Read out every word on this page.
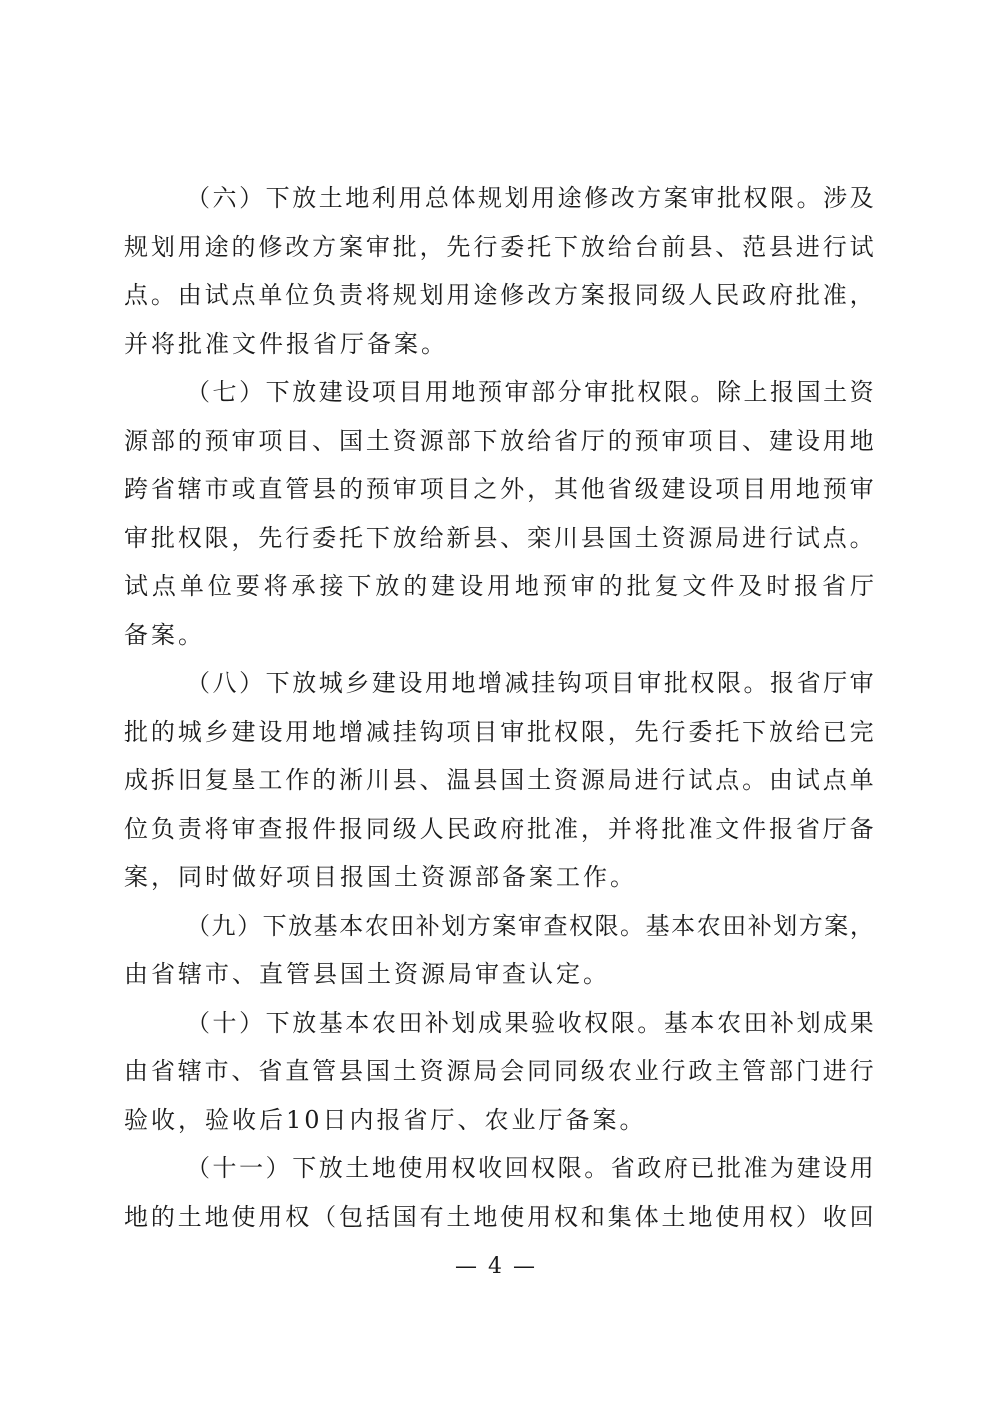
（ 六 ） 下 放 土 地 利 用 总 体 规 划 用 途 修 改 方 案 审 批 权 限 。 涉 及
规 划 用 途 的 修 改 方 案 审 批 ， 先 行 委 托 下 放 给 台 前 县 、 范 县 进 行 试
点 。 由 试 点 单 位 负 责 将 规 划 用 途 修 改 方 案 报 同 级 人 民 政 府 批 准 ，
并将批准文件报省厅备案。
（ 七 ） 下 放 建 设 项 目 用 地 预 审 部 分 审 批 权 限 。 除 上 报 国 土 资
源 部 的 预 审 项 目 、 国 土 资 源 部 下 放 给 省 厅 的 预 审 项 目 、 建 设 用 地
跨 省 辖 市 或 直 管 县 的 预 审 项 目 之 外 ， 其 他 省 级 建 设 项 目 用 地 预 审
审 批 权 限 ， 先 行 委 托 下 放 给 新 县 、 栾 川 县 国 土 资 源 局 进 行 试 点 。
试 点 单 位 要 将 承 接 下 放 的 建 设 用 地 预 审 的 批 复 文 件 及 时 报 省 厅
备案。
（ 八 ） 下 放 城 乡 建 设 用 地 增 减 挂 钩 项 目 审 批 权 限 。 报 省 厅 审
批 的 城 乡 建 设 用 地 增 减 挂 钩 项 目 审 批 权 限 ， 先 行 委 托 下 放 给 已 完
成 拆 旧 复 垦 工 作 的 淅 川 县 、 温 县 国 土 资 源 局 进 行 试 点 。 由 试 点 单
位 负 责 将 审 查 报 件 报 同 级 人 民 政 府 批 准 ， 并 将 批 准 文 件 报 省 厅 备
案，同时做好项目报国土资源部备案工作。
（ 九 ） 下 放 基 本 农 田 补 划 方 案 审 查 权 限 。 基 本 农 田 补 划 方 案 ，
由省辖市、直管县国土资源局审查认定。
（ 十 ） 下 放 基 本 农 田 补 划 成 果 验 收 权 限 。 基 本 农 田 补 划 成 果
由 省 辖 市 、 省 直 管 县 国 土 资 源 局 会 同 同 级 农 业 行 政 主 管 部 门 进 行
验收，验收后10日内报省厅、农业厅备案。
（ 十 一 ） 下 放 土 地 使 用 权 收 回 权 限 。 省 政 府 已 批 准 为 建 设 用
地 的 土 地 使 用 权 （ 包 括 国 有 土 地 使 用 权 和 集 体 土 地 使 用 权 ） 收 回
— 4 —
